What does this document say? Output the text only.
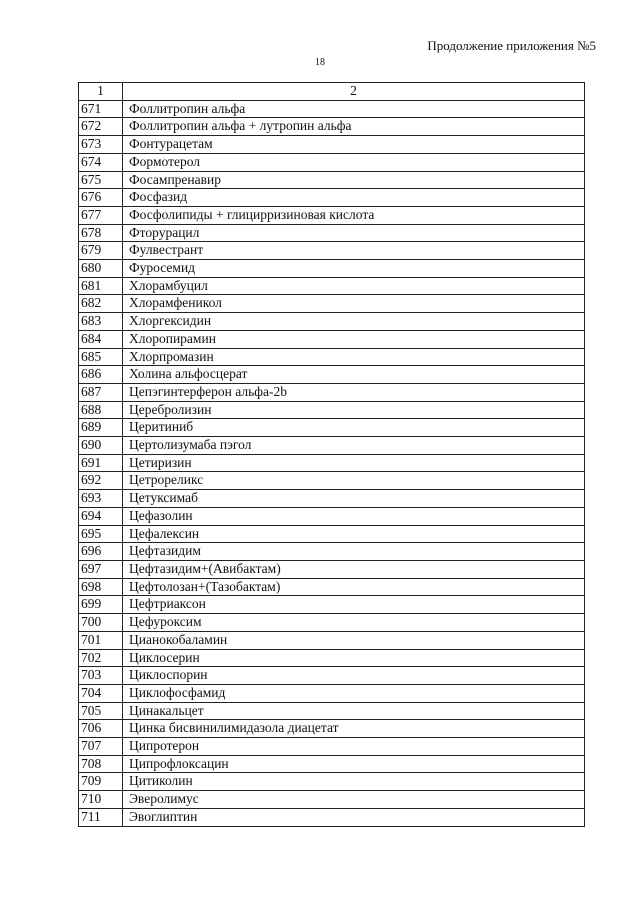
Продолжение приложения №5
18
1	2
671	Фоллитропин альфа
672	Фоллитропин альфа + лутропин альфа
673	Фонтурацетам
674	Формотерол
675	Фосампренавир
676	Фосфазид
677	Фосфолипиды + глицирризиновая кислота
678	Фторурацил
679	Фулвестрант
680	Фуросемид
681	Хлорамбуцил
682	Хлорамфеникол
683	Хлоргексидин
684	Хлоропирамин
685	Хлорпромазин
686	Холина альфосцерат
687	Цепэгинтерферон альфа-2b
688	Церебролизин
689	Церитиниб
690	Цертолизумаба пэгол
691	Цетиризин
692	Цетрореликс
693	Цетуксимаб
694	Цефазолин
695	Цефалексин
696	Цефтазидим
697	Цефтазидим+(Авибактам)
698	Цефтолозан+(Тазобактам)
699	Цефтриаксон
700	Цефуроксим
701	Цианокобаламин
702	Циклосерин
703	Циклоспорин
704	Циклофосфамид
705	Цинакальцет
706	Цинка бисвинилимидазола диацетат
707	Ципротерон
708	Ципрофлоксацин
709	Цитиколин
710	Эверолимус
711	Эвоглиптин
